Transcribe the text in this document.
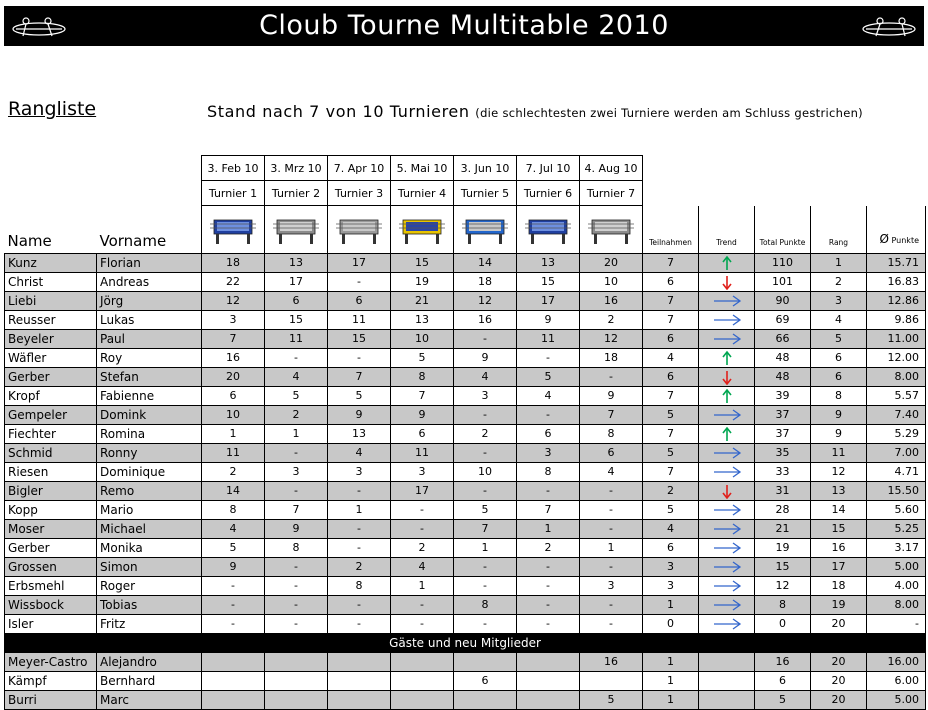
Cloub Tourne Multitable 2010
Rangliste	Stand nach 7 von 10 Turnieren (die schlechtesten zwei Turniere werden am Schluss gestrichen)
		3. Feb 10	3. Mrz 10	7. Apr 10	5. Mai 10	3. Jun 10	7. Jul 10	4. Aug 10					
		Turnier 1	Turnier 2	Turnier 3	Turnier 4	Turnier 5	Turnier 6	Turnier 7					
Name	Vorname								Teilnahmen	Trend	Total Punkte	Rang	Ø Punkte
Kunz	Florian	18	13	17	15	14	13	20	7		110	1	15.71
Christ	Andreas	22	17	-	19	18	15	10	6		101	2	16.83
Liebi	Jörg	12	6	6	21	12	17	16	7		90	3	12.86
Reusser	Lukas	3	15	11	13	16	9	2	7		69	4	9.86
Beyeler	Paul	7	11	15	10	-	11	12	6		66	5	11.00
Wäfler	Roy	16	-	-	5	9	-	18	4		48	6	12.00
Gerber	Stefan	20	4	7	8	4	5	-	6		48	6	8.00
Kropf	Fabienne	6	5	5	7	3	4	9	7		39	8	5.57
Gempeler	Domink	10	2	9	9	-	-	7	5		37	9	7.40
Fiechter	Romina	1	1	13	6	2	6	8	7		37	9	5.29
Schmid	Ronny	11	-	4	11	-	3	6	5		35	11	7.00
Riesen	Dominique	2	3	3	3	10	8	4	7		33	12	4.71
Bigler	Remo	14	-	-	17	-	-	-	2		31	13	15.50
Kopp	Mario	8	7	1	-	5	7	-	5		28	14	5.60
Moser	Michael	4	9	-	-	7	1	-	4		21	15	5.25
Gerber	Monika	5	8	-	2	1	2	1	6		19	16	3.17
Grossen	Simon	9	-	2	4	-	-	-	3		15	17	5.00
Erbsmehl	Roger	-	-	8	1	-	-	3	3		12	18	4.00
Wissbock	Tobias	-	-	-	-	8	-	-	1		8	19	8.00
Isler	Fritz	-	-	-	-	-	-	-	0		0	20	-
Gäste und neu Mitglieder													
Meyer-Castro	Alejandro							16	1		16	20	16.00
Kämpf	Bernhard					6			1		6	20	6.00
Burri	Marc							5	1		5	20	5.00
